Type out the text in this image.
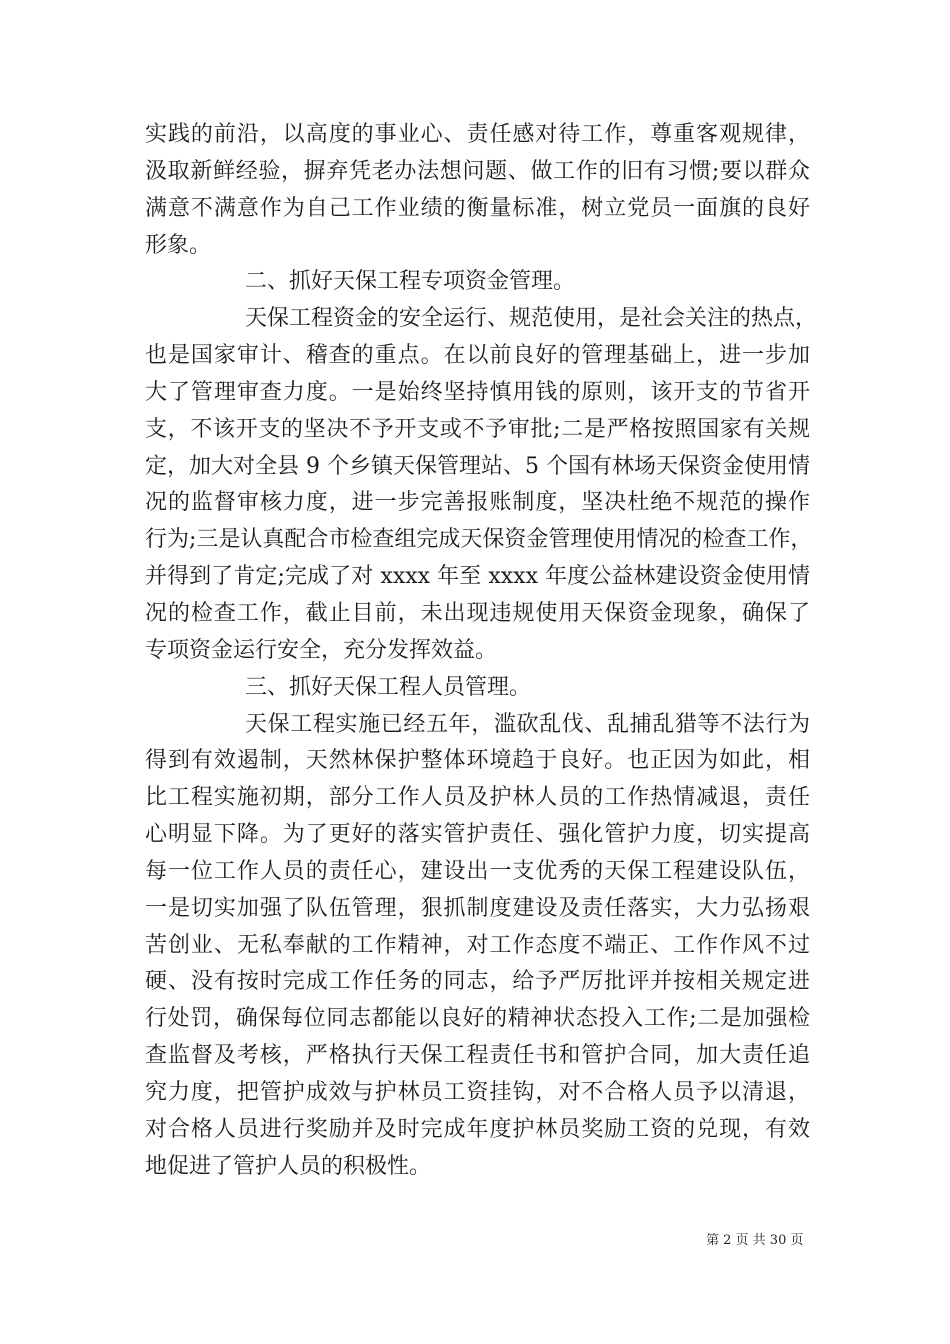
实践的前沿，以高度的事业心、责任感对待工作，尊重客观规律，
汲取新鲜经验，摒弃凭老办法想问题、做工作的旧有习惯;要以群众
满意不满意作为自己工作业绩的衡量标准，树立党员一面旗的良好
形象。
二、抓好天保工程专项资金管理。
天保工程资金的安全运行、规范使用，是社会关注的热点，
也是国家审计、稽查的重点。在以前良好的管理基础上，进一步加
大了管理审查力度。一是始终坚持慎用钱的原则，该开支的节省开
支，不该开支的坚决不予开支或不予审批;二是严格按照国家有关规
定，加大对全县 9 个乡镇天保管理站、5 个国有林场天保资金使用情
况的监督审核力度，进一步完善报账制度，坚决杜绝不规范的操作
行为;三是认真配合市检查组完成天保资金管理使用情况的检查工作，
并得到了肯定;完成了对 xxxx 年至 xxxx 年度公益林建设资金使用情
况的检查工作，截止目前，未出现违规使用天保资金现象，确保了
专项资金运行安全，充分发挥效益。
三、抓好天保工程人员管理。
天保工程实施已经五年，滥砍乱伐、乱捕乱猎等不法行为
得到有效遏制，天然林保护整体环境趋于良好。也正因为如此，相
比工程实施初期，部分工作人员及护林人员的工作热情减退，责任
心明显下降。为了更好的落实管护责任、强化管护力度，切实提高
每一位工作人员的责任心，建设出一支优秀的天保工程建设队伍，
一是切实加强了队伍管理，狠抓制度建设及责任落实，大力弘扬艰
苦创业、无私奉献的工作精神，对工作态度不端正、工作作风不过
硬、没有按时完成工作任务的同志，给予严厉批评并按相关规定进
行处罚，确保每位同志都能以良好的精神状态投入工作;二是加强检
查监督及考核，严格执行天保工程责任书和管护合同，加大责任追
究力度，把管护成效与护林员工资挂钩，对不合格人员予以清退，
对合格人员进行奖励并及时完成年度护林员奖励工资的兑现，有效
地促进了管护人员的积极性。
第 2 页 共 30 页
